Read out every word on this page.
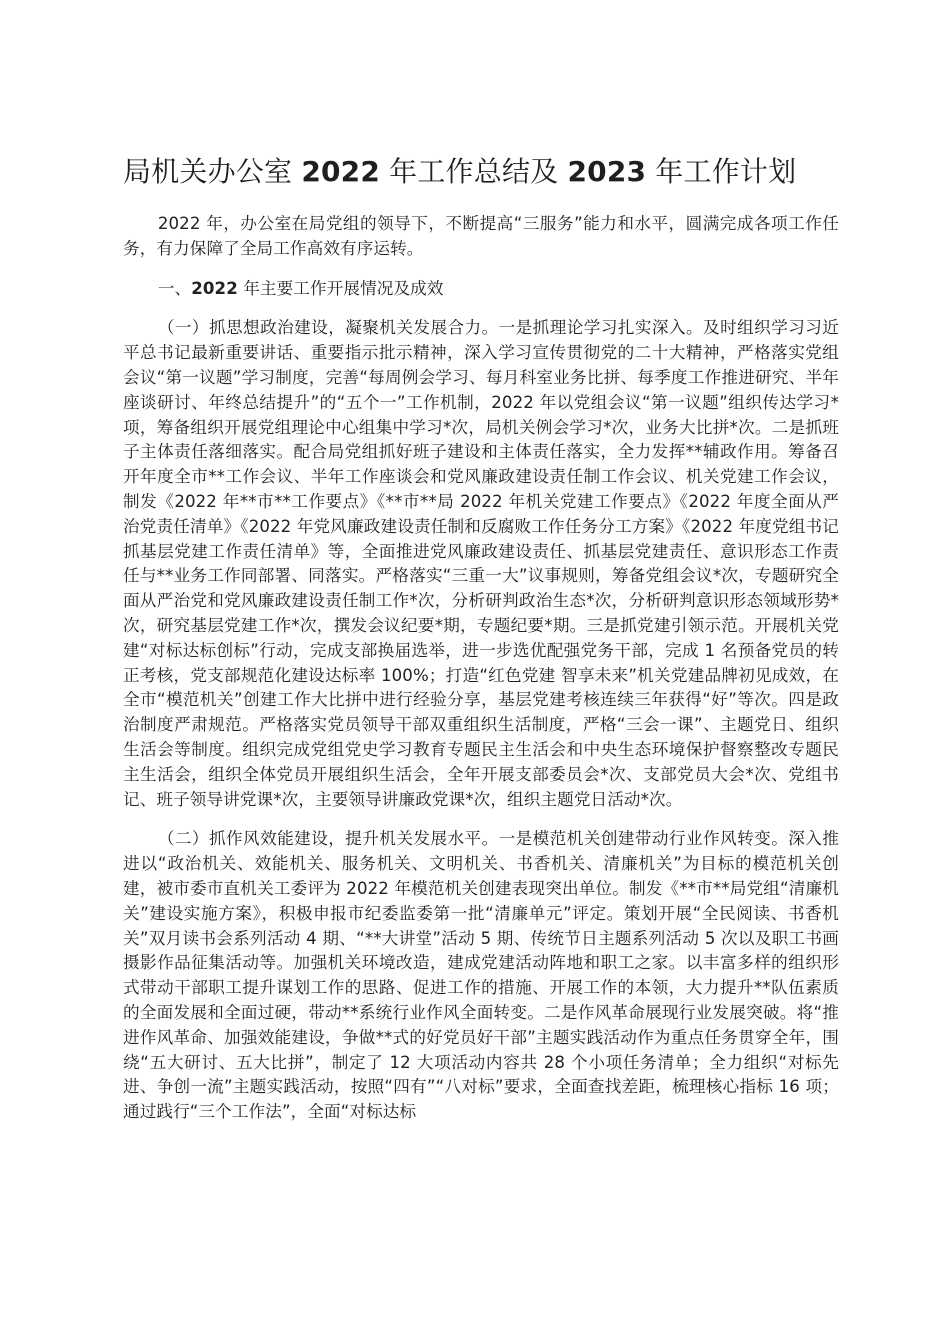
局机关办公室 2022 年工作总结及 2023 年工作计划

2022 年，办公室在局党组的领导下，不断提高“三服务”能力和水平，圆满完成各项工作任务，有力保障了全局工作高效有序运转。

一、2022 年主要工作开展情况及成效

（一）抓思想政治建设，凝聚机关发展合力。一是抓理论学习扎实深入。及时组织学习习近平总书记最新重要讲话、重要指示批示精神，深入学习宣传贯彻党的二十大精神，严格落实党组会议“第一议题”学习制度，完善“每周例会学习、每月科室业务比拼、每季度工作推进研究、半年座谈研讨、年终总结提升”的“五个一”工作机制，2022 年以党组会议“第一议题”组织传达学习*项，筹备组织开展党组理论中心组集中学习*次，局机关例会学习*次，业务大比拼*次。二是抓班子主体责任落细落实。配合局党组抓好班子建设和主体责任落实，全力发挥**辅政作用。筹备召开年度全市**工作会议、半年工作座谈会和党风廉政建设责任制工作会议、机关党建工作会议，制发《2022 年**市**工作要点》《**市**局 2022 年机关党建工作要点》《2022 年度全面从严治党责任清单》《2022 年党风廉政建设责任制和反腐败工作任务分工方案》《2022 年度党组书记抓基层党建工作责任清单》等，全面推进党风廉政建设责任、抓基层党建责任、意识形态工作责任与**业务工作同部署、同落实。严格落实“三重一大”议事规则，筹备党组会议*次，专题研究全面从严治党和党风廉政建设责任制工作*次，分析研判政治生态*次，分析研判意识形态领域形势*次，研究基层党建工作*次，撰发会议纪要*期，专题纪要*期。三是抓党建引领示范。开展机关党建“对标达标创标”行动，完成支部换届选举，进一步选优配强党务干部，完成 1 名预备党员的转正考核，党支部规范化建设达标率 100%；打造“红色党建 智享未来”机关党建品牌初见成效，在全市“模范机关”创建工作大比拼中进行经验分享，基层党建考核连续三年获得“好”等次。四是政治制度严肃规范。严格落实党员领导干部双重组织生活制度，严格“三会一课”、主题党日、组织生活会等制度。组织完成党组党史学习教育专题民主生活会和中央生态环境保护督察整改专题民主生活会，组织全体党员开展组织生活会，全年开展支部委员会*次、支部党员大会*次、党组书记、班子领导讲党课*次，主要领导讲廉政党课*次，组织主题党日活动*次。

（二）抓作风效能建设，提升机关发展水平。一是模范机关创建带动行业作风转变。深入推进以“政治机关、效能机关、服务机关、文明机关、书香机关、清廉机关”为目标的模范机关创建，被市委市直机关工委评为 2022 年模范机关创建表现突出单位。制发《**市**局党组“清廉机关”建设实施方案》，积极申报市纪委监委第一批“清廉单元”评定。策划开展“全民阅读、书香机关”双月读书会系列活动 4 期、“**大讲堂”活动 5 期、传统节日主题系列活动 5 次以及职工书画摄影作品征集活动等。加强机关环境改造，建成党建活动阵地和职工之家。以丰富多样的组织形式带动干部职工提升谋划工作的思路、促进工作的措施、开展工作的本领，大力提升**队伍素质的全面发展和全面过硬，带动**系统行业作风全面转变。二是作风革命展现行业发展突破。将“推进作风革命、加强效能建设，争做**式的好党员好干部”主题实践活动作为重点任务贯穿全年，围绕“五大研讨、五大比拼”，制定了 12 大项活动内容共 28 个小项任务清单；全力组织“对标先进、争创一流”主题实践活动，按照“四有”“八对标”要求，全面查找差距，梳理核心指标 16 项；通过践行“三个工作法”，全面“对标达标
